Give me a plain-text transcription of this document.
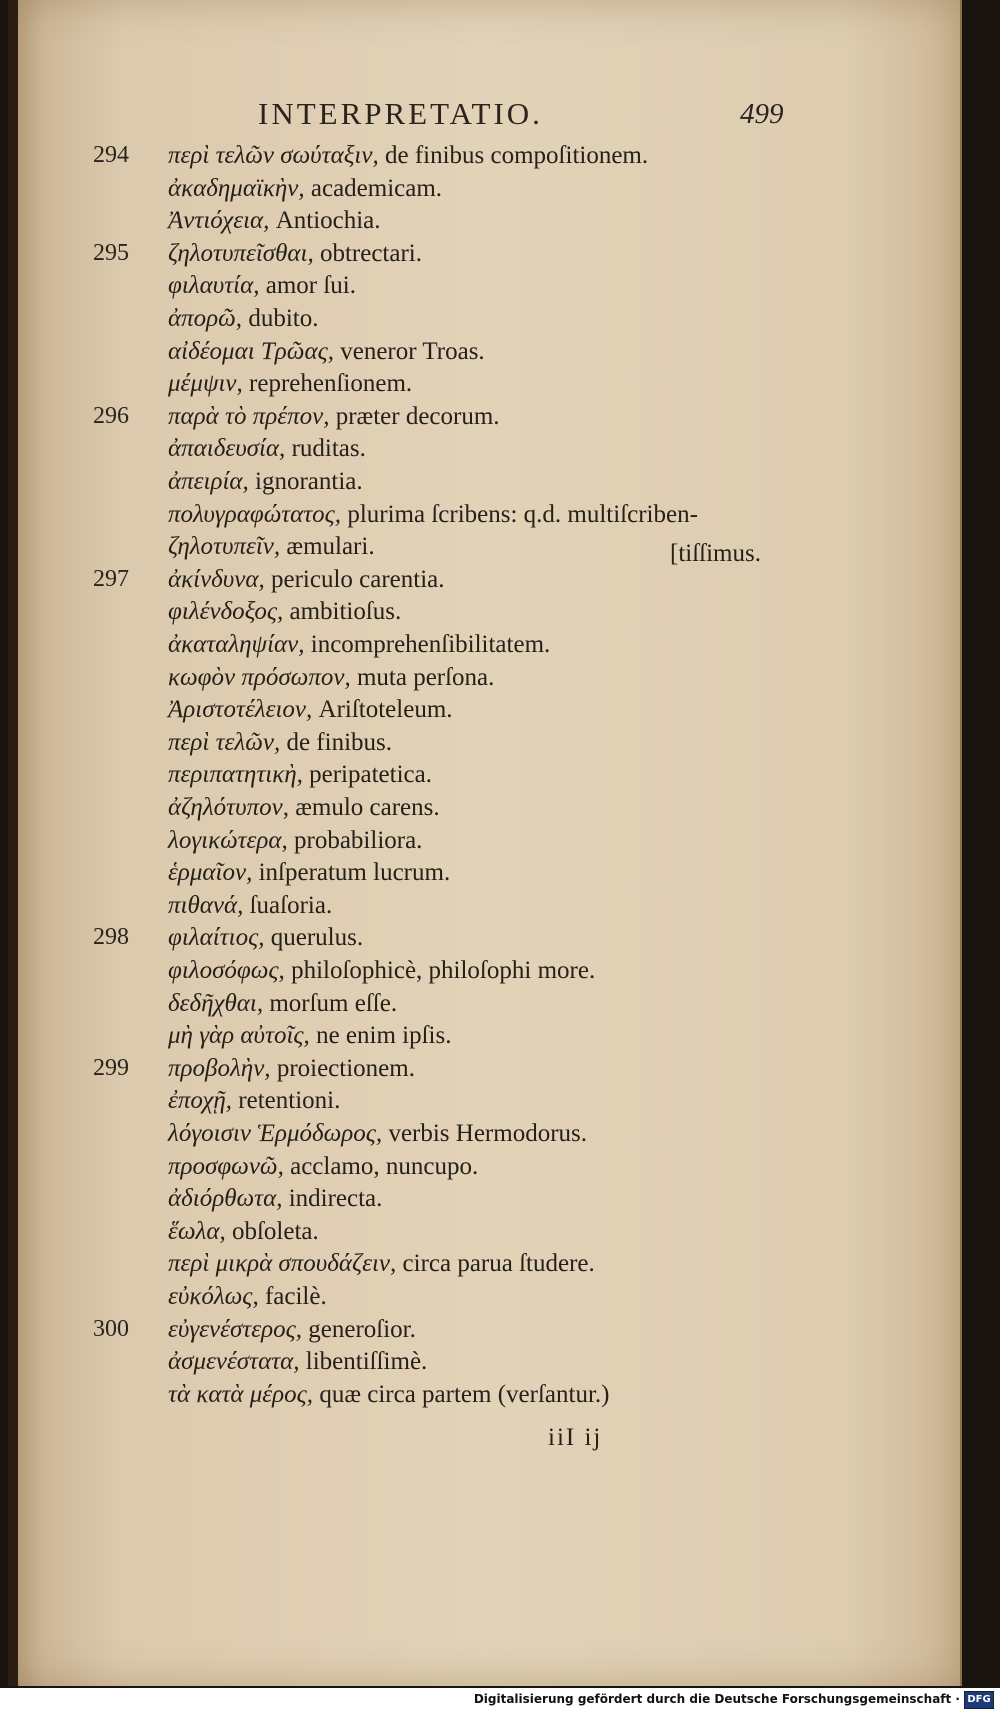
INTERPRETATIO.	499
294	περὶ τελῶν σωύταξιν, de finibus compoſitionem.
ἀκαδημαϊκὴν, academicam.
Ἀντιόχεια, Antiochia.
295	ζηλοτυπεῖσθαι, obtrectari.
φιλαυτία, amor ſui.
ἀπορῶ, dubito.
αἰδέομαι Τρῶας, veneror Troas.
μέμψιν, reprehenſionem.
296	παρὰ τὸ πρέπον, præter decorum.
ἀπαιδευσία, ruditas.
ἀπειρία, ignorantia.
πολυγραφώτατος, plurima ſcribens: q.d. multiſcriben-
ζηλοτυπεῖν, æmulari.
297	ἀκίνδυνα, periculo carentia.
φιλένδοξος, ambitioſus.
ἀκαταληψίαν, incomprehenſibilitatem.
κωφὸν πρόσωπον, muta perſona.
Ἀριστοτέλειον, Ariſtoteleum.
περὶ τελῶν, de finibus.
περιπατητικὴ, peripatetica.
ἀζηλότυπον, æmulo carens.
λογικώτερα, probabiliora.
ἑρμαῖον, inſperatum lucrum.
πιθανά, ſuaſoria.
298	φιλαίτιος, querulus.
φιλοσόφως, philoſophicè, philoſophi more.
δεδῆχθαι, morſum eſſe.
μὴ γὰρ αὐτοῖς, ne enim ipſis.
299	προβολὴν, proiectionem.
ἐποχῇ, retentioni.
λόγοισιν Ἑρμόδωρος, verbis Hermodorus.
προσφωνῶ, acclamo, nuncupo.
ἀδιόρθωτα, indirecta.
ἕωλα, obſoleta.
περὶ μικρὰ σπουδάζειν, circa parua ſtudere.
εὐκόλως, facilè.
300	εὐγενέστερος, generoſior.
ἀσμενέστατα, libentiſſimè.
τὰ κατὰ μέρος, quæ circa partem (verſantur.)
[tiſſimus.
iiI ij
Digitalisierung gefördert durch die Deutsche Forschungsgemeinschaft · DFG
